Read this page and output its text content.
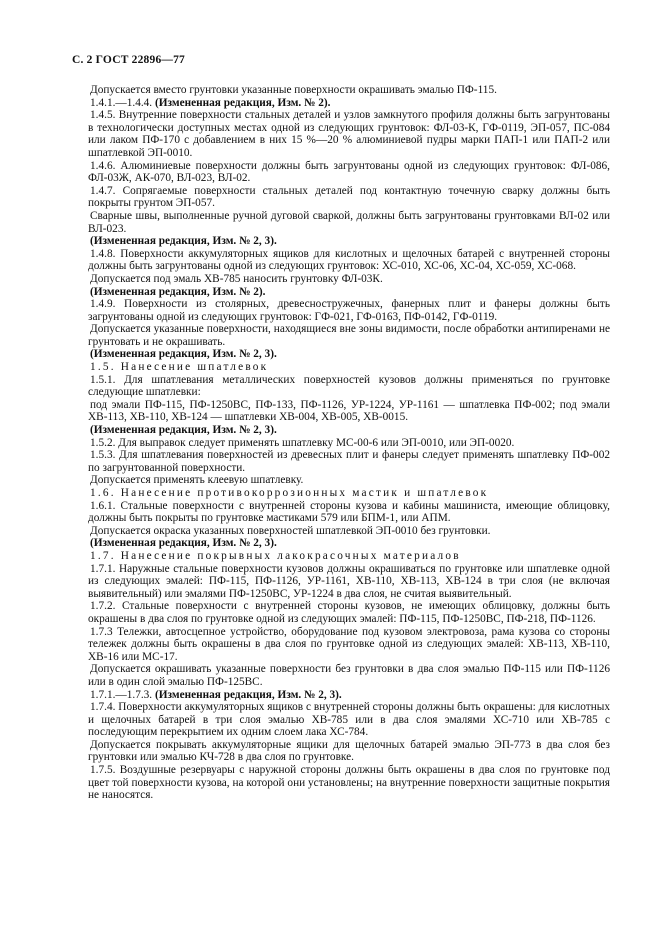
С. 2 ГОСТ 22896—77

Допускается вместо грунтовки указанные поверхности окрашивать эмалью ПФ-115.

1.4.1.—1.4.4. (Измененная редакция, Изм. № 2).

1.4.5. Внутренние поверхности стальных деталей и узлов замкнутого профиля должны быть загрунтованы в технологически доступных местах одной из следующих грунтовок: ФЛ-03-К, ГФ-0119, ЭП-057, ПС-084 или лаком ПФ-170 с добавлением в них 15 %—20 % алюминиевой пудры марки ПАП-1 или ПАП-2 или шпатлевкой ЭП-0010.

1.4.6. Алюминиевые поверхности должны быть загрунтованы одной из следующих грунтовок: ФЛ-086, ФЛ-03Ж, АК-070, ВЛ-023, ВЛ-02.

1.4.7. Сопрягаемые поверхности стальных деталей под контактную точечную сварку должны быть покрыты грунтом ЭП-057.

Сварные швы, выполненные ручной дуговой сваркой, должны быть загрунтованы грунтовками ВЛ-02 или ВЛ-023.

(Измененная редакция, Изм. № 2, 3).

1.4.8. Поверхности аккумуляторных ящиков для кислотных и щелочных батарей с внутренней стороны должны быть загрунтованы одной из следующих грунтовок: ХС-010, ХС-06, ХС-04, ХС-059, ХС-068.

Допускается под эмаль ХВ-785 наносить грунтовку ФЛ-03К.

(Измененная редакция, Изм. № 2).

1.4.9. Поверхности из столярных, древесностружечных, фанерных плит и фанеры должны быть загрунтованы одной из следующих грунтовок: ГФ-021, ГФ-0163, ПФ-0142, ГФ-0119.

Допускается указанные поверхности, находящиеся вне зоны видимости, после обработки антипиренами не грунтовать и не окрашивать.

(Измененная редакция, Изм. № 2, 3).

1.5. Нанесение шпатлевок

1.5.1. Для шпатлевания металлических поверхностей кузовов должны применяться по грунтовке следующие шпатлевки:

под эмали ПФ-115, ПФ-1250ВС, ПФ-133, ПФ-1126, УР-1224, УР-1161 — шпатлевка ПФ-002; под эмали ХВ-113, ХВ-110, ХВ-124 — шпатлевки ХВ-004, ХВ-005, ХВ-0015.

(Измененная редакция, Изм. № 2, 3).

1.5.2. Для выправок следует применять шпатлевку МС-00-6 или ЭП-0010, или ЭП-0020.

1.5.3. Для шпатлевания поверхностей из древесных плит и фанеры следует применять шпатлевку ПФ-002 по загрунтованной поверхности.

Допускается применять клеевую шпатлевку.

1.6. Нанесение противокоррозионных мастик и шпатлевок

1.6.1. Стальные поверхности с внутренней стороны кузова и кабины машиниста, имеющие облицовку, должны быть покрыты по грунтовке мастиками 579 или БПМ-1, или АПМ.

Допускается окраска указанных поверхностей шпатлевкой ЭП-0010 без грунтовки.

(Измененная редакция, Изм. № 2, 3).

1.7. Нанесение покрывных лакокрасочных материалов

1.7.1. Наружные стальные поверхности кузовов должны окрашиваться по грунтовке или шпатлевке одной из следующих эмалей: ПФ-115, ПФ-1126, УР-1161, ХВ-110, ХВ-113, ХВ-124 в три слоя (не включая выявительный) или эмалями ПФ-1250ВС, УР-1224 в два слоя, не считая выявительный.

1.7.2. Стальные поверхности с внутренней стороны кузовов, не имеющих облицовку, должны быть окрашены в два слоя по грунтовке одной из следующих эмалей: ПФ-115, ПФ-1250ВС, ПФ-218, ПФ-1126.

1.7.3 Тележки, автосцепное устройство, оборудование под кузовом электровоза, рама кузова со стороны тележек должны быть окрашены в два слоя по грунтовке одной из следующих эмалей: ХВ-113, ХВ-110, ХВ-16 или МС-17.

Допускается окрашивать указанные поверхности без грунтовки в два слоя эмалью ПФ-115 или ПФ-1126 или в один слой эмалью ПФ-125ВС.

1.7.1.—1.7.3. (Измененная редакция, Изм. № 2, 3).

1.7.4. Поверхности аккумуляторных ящиков с внутренней стороны должны быть окрашены: для кислотных и щелочных батарей в три слоя эмалью ХВ-785 или в два слоя эмалями ХС-710 или ХВ-785 с последующим перекрытием их одним слоем лака ХС-784.

Допускается покрывать аккумуляторные ящики для щелочных батарей эмалью ЭП-773 в два слоя без грунтовки или эмалью КЧ-728 в два слоя по грунтовке.

1.7.5. Воздушные резервуары с наружной стороны должны быть окрашены в два слоя по грунтовке под цвет той поверхности кузова, на которой они установлены; на внутренние поверхности защитные покрытия не наносятся.
